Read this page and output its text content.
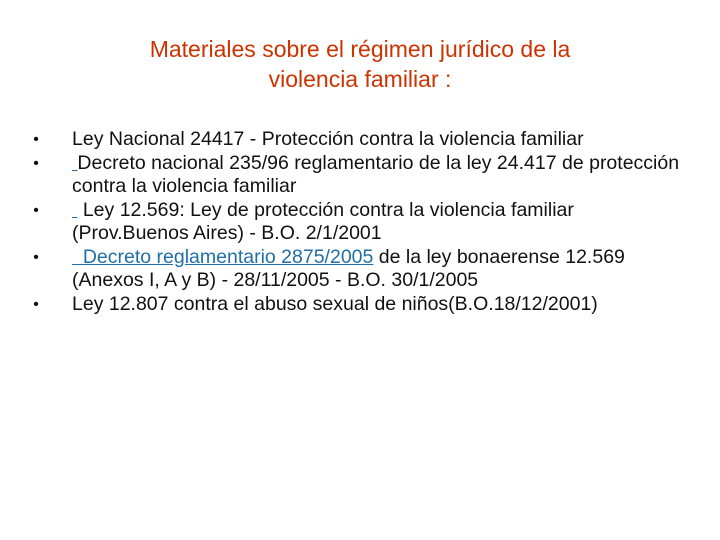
Materiales sobre el régimen jurídico de la
violencia familiar :
• Ley Nacional 24417 - Protección contra la violencia familiar
• Decreto nacional 235/96 reglamentario de la ley 24.417 de protección contra la violencia familiar
• Ley 12.569: Ley de protección contra la violencia familiar (Prov.Buenos Aires) - B.O. 2/1/2001
• Decreto reglamentario 2875/2005 de la ley bonaerense 12.569 (Anexos I, A y B) - 28/11/2005 - B.O. 30/1/2005
• Ley 12.807 contra el abuso sexual de niños(B.O.18/12/2001)
